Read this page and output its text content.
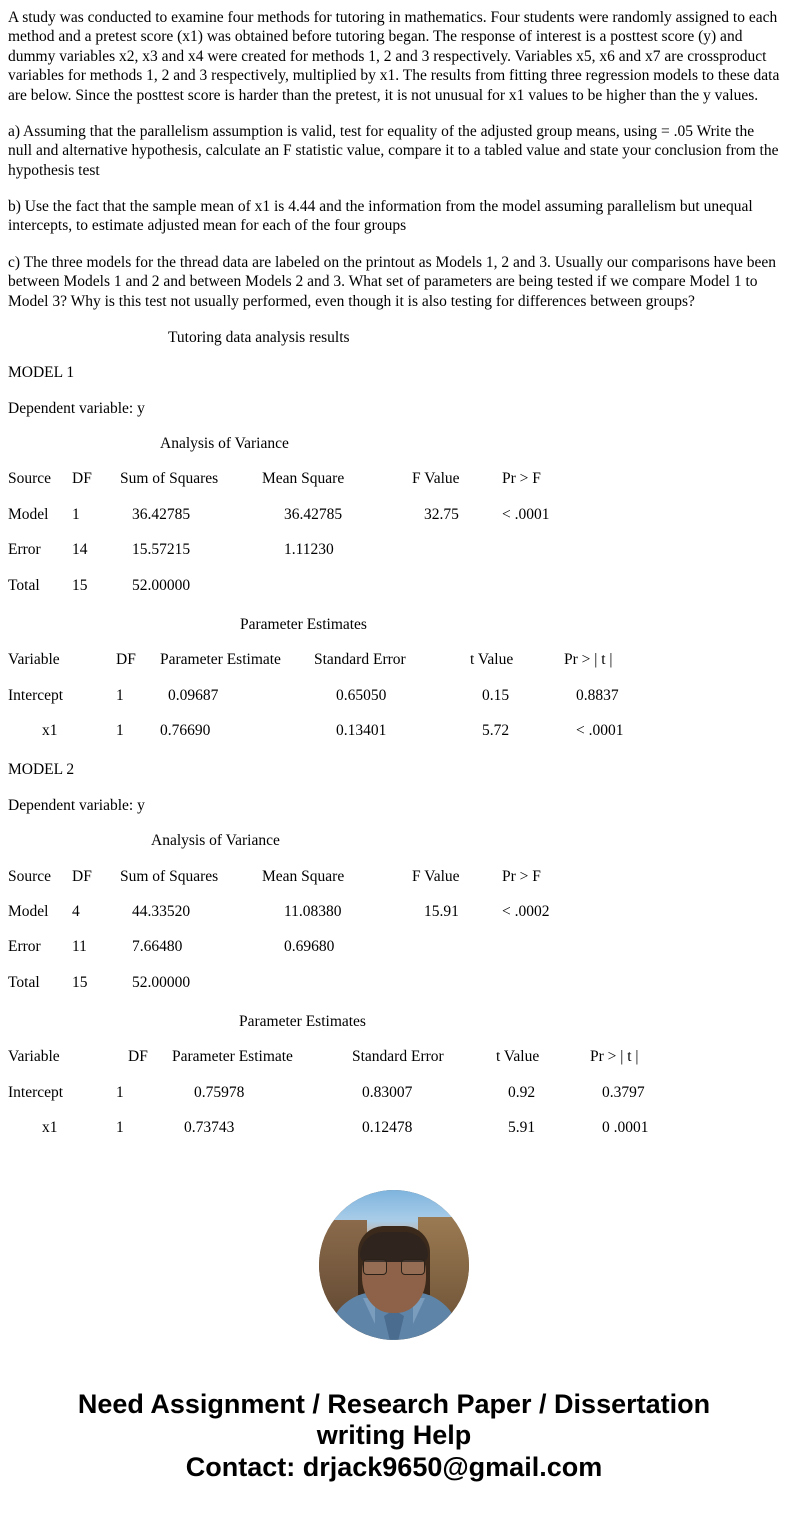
A study was conducted to examine four methods for tutoring in mathematics. Four students were randomly assigned to each method and a pretest score (x1) was obtained before tutoring began. The response of interest is a posttest score (y) and dummy variables x2, x3 and x4 were created for methods 1, 2 and 3 respectively. Variables x5, x6 and x7 are crossproduct variables for methods 1, 2 and 3 respectively, multiplied by x1. The results from fitting three regression models to these data are below. Since the posttest score is harder than the pretest, it is not unusual for x1 values to be higher than the y values.

a) Assuming that the parallelism assumption is valid, test for equality of the adjusted group means, using = .05 Write the null and alternative hypothesis, calculate an F statistic value, compare it to a tabled value and state your conclusion from the hypothesis test

b) Use the fact that the sample mean of x1 is 4.44 and the information from the model assuming parallelism but unequal intercepts, to estimate adjusted mean for each of the four groups

c) The three models for the thread data are labeled on the printout as Models 1, 2 and 3. Usually our comparisons have been between Models 1 and 2 and between Models 2 and 3. What set of parameters are being tested if we compare Model 1 to Model 3? Why is this test not usually performed, even though it is also testing for differences between groups?

Tutoring data analysis results
MODEL 1
Dependent variable: y
Analysis of Variance
Source	DF	Sum of Squares	Mean Square	F Value	Pr > F
Model	1	36.42785	36.42785	32.75	< .0001
Error	14	15.57215	1.11230		
Total	15	52.00000			
Parameter Estimates
Variable	DF	Parameter Estimate	Standard Error	t Value	Pr > | t |
Intercept	1	0.09687	0.65050	0.15	0.8837
x1	1	0.76690	0.13401	5.72	< .0001
MODEL 2
Dependent variable: y
Analysis of Variance
Source	DF	Sum of Squares	Mean Square	F Value	Pr > F
Model	4	44.33520	11.08380	15.91	< .0002
Error	11	7.66480	0.69680		
Total	15	52.00000			
Parameter Estimates
Variable	DF	Parameter Estimate	Standard Error	t Value	Pr > | t |
Intercept	1	0.75978	0.83007	0.92	0.3797
x1	1	0.73743	0.12478	5.91	0 .0001
Need Assignment / Research Paper / Dissertation
writing Help
Contact: drjack9650@gmail.com
